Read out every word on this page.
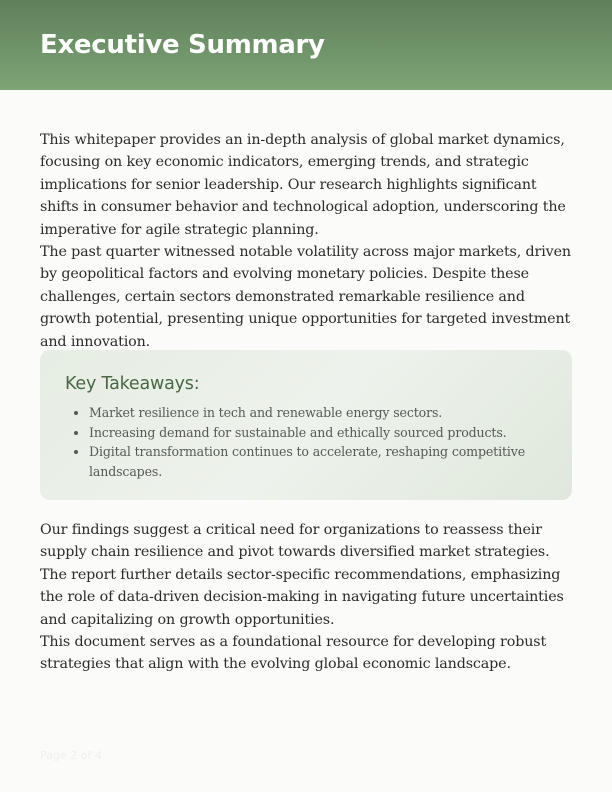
Executive Summary

This whitepaper provides an in-depth analysis of global market dynamics, focusing on key economic indicators, emerging trends, and strategic implications for senior leadership. Our research highlights significant shifts in consumer behavior and technological adoption, underscoring the imperative for agile strategic planning.

The past quarter witnessed notable volatility across major markets, driven by geopolitical factors and evolving monetary policies. Despite these challenges, certain sectors demonstrated remarkable resilience and growth potential, presenting unique opportunities for targeted investment and innovation.

Key Takeaways:
• Market resilience in tech and renewable energy sectors.
• Increasing demand for sustainable and ethically sourced products.
• Digital transformation continues to accelerate, reshaping competitive landscapes.

Our findings suggest a critical need for organizations to reassess their supply chain resilience and pivot towards diversified market strategies. The report further details sector-specific recommendations, emphasizing the role of data-driven decision-making in navigating future uncertainties and capitalizing on growth opportunities.

This document serves as a foundational resource for developing robust strategies that align with the evolving global economic landscape.

Page 2 of 4
